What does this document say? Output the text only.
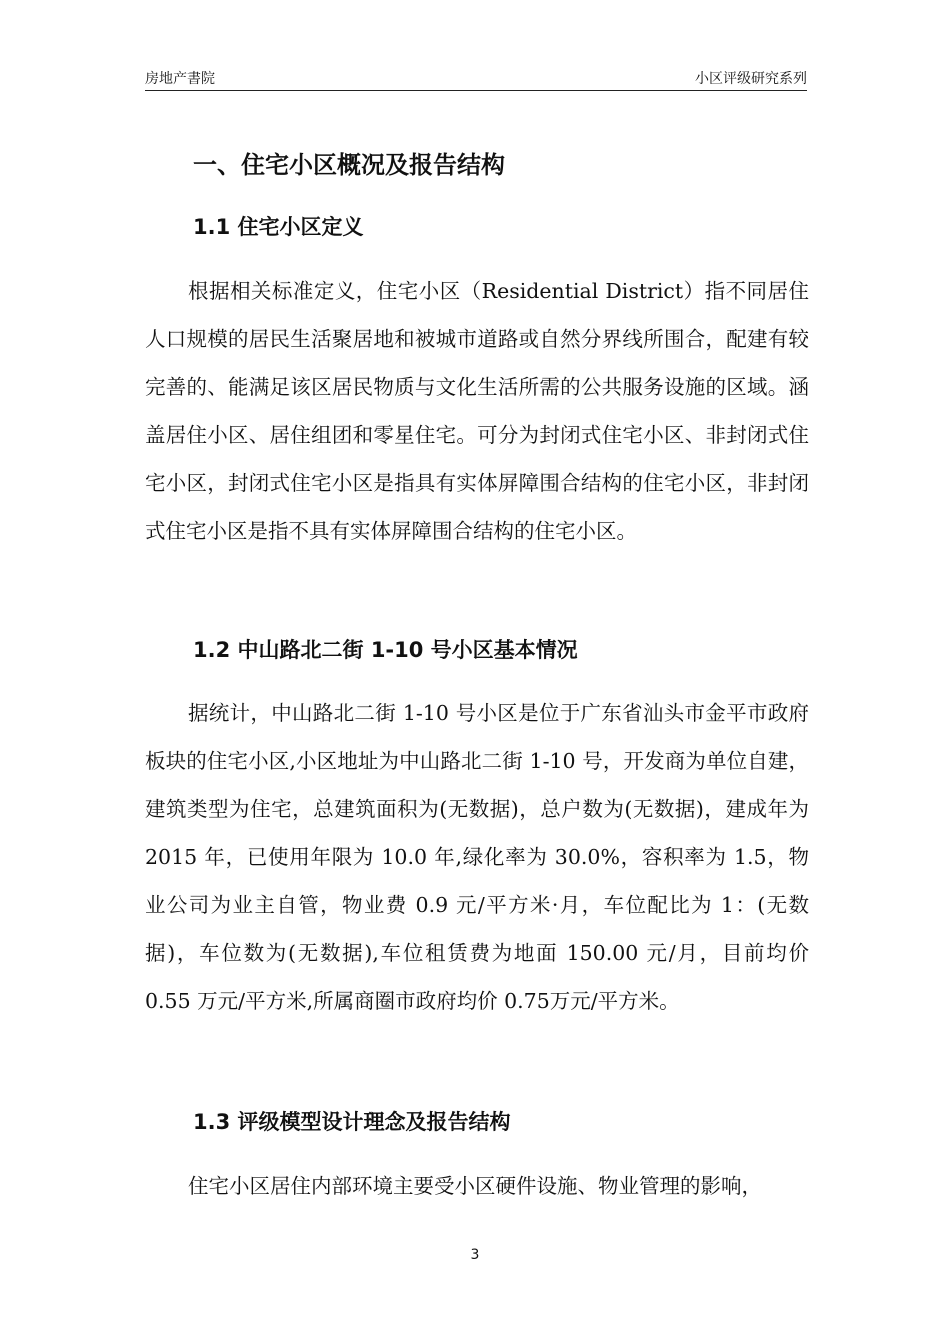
房地产書院	小区评级研究系列
一、住宅小区概况及报告结构
1.1 住宅小区定义

根据相关标准定义，住宅小区（Residential District）指不同居住人口规模的居民生活聚居地和被城市道路或自然分界线所围合，配建有较完善的、能满足该区居民物质与文化生活所需的公共服务设施的区域。涵盖居住小区、居住组团和零星住宅。可分为封闭式住宅小区、非封闭式住宅小区，封闭式住宅小区是指具有实体屏障围合结构的住宅小区，非封闭式住宅小区是指不具有实体屏障围合结构的住宅小区。

1.2 中山路北二街 1-10 号小区基本情况

据统计，中山路北二街 1-10 号小区是位于广东省汕头市金平市政府板块的住宅小区,小区地址为中山路北二街 1-10 号，开发商为单位自建，建筑类型为住宅，总建筑面积为(无数据)，总户数为(无数据)，建成年为 2015 年，已使用年限为 10.0 年,绿化率为 30.0%，容积率为 1.5，物业公司为业主自管，物业费 0.9 元/平方米·月，车位配比为 1：(无数据)，车位数为(无数据),车位租赁费为地面 150.00 元/月，目前均价 0.55 万元/平方米,所属商圈市政府均价 0.75万元/平方米。

1.3 评级模型设计理念及报告结构

住宅小区居住内部环境主要受小区硬件设施、物业管理的影响，

3
